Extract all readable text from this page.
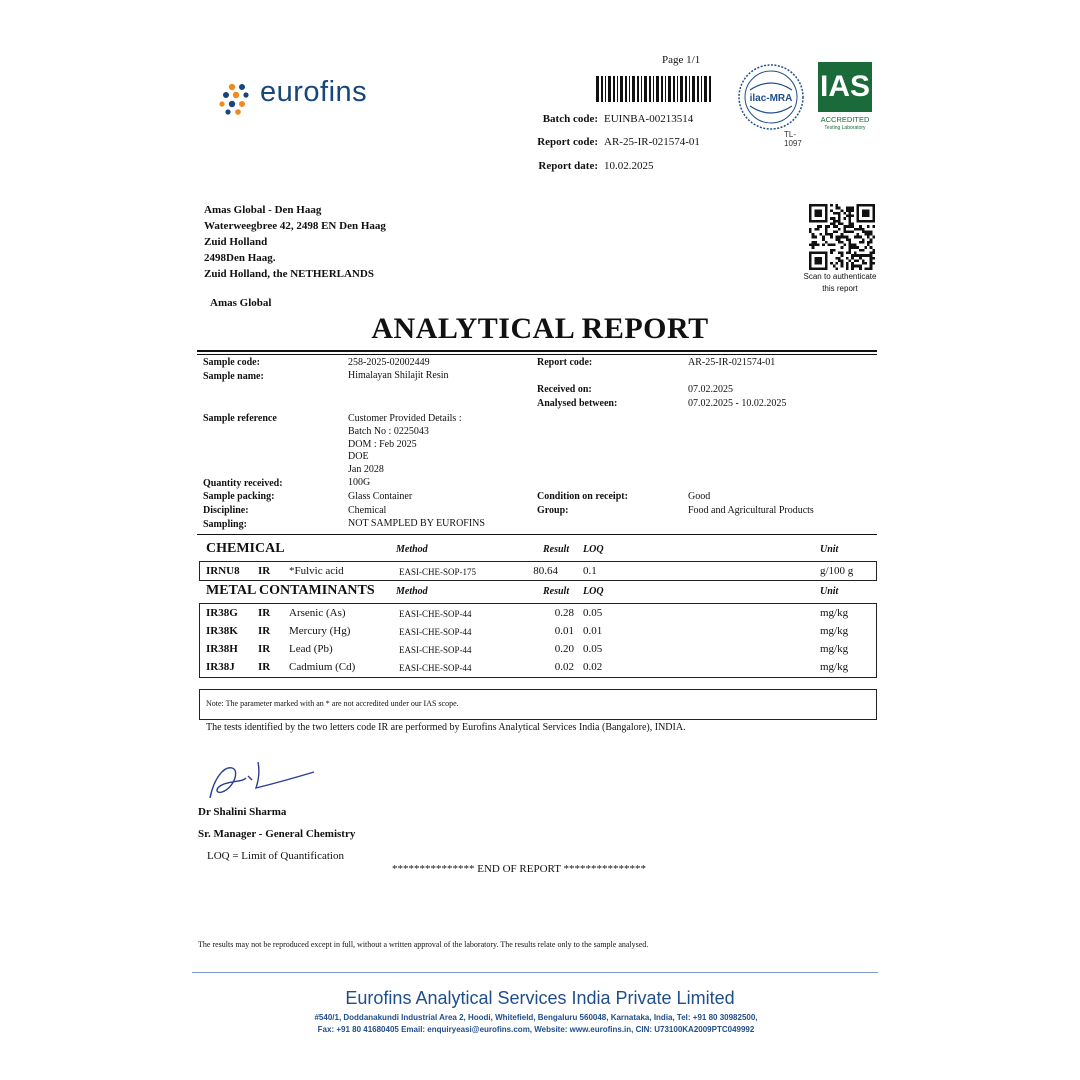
Page 1/1
eurofins
Batch code: EUINBA-00213514
Report code: AR-25-IR-021574-01
Report date: 10.02.2025
ilac-MRA
TL-1097
IAS
ACCREDITED
Testing Laboratory
Amas Global - Den Haag
Waterweegbree 42, 2498 EN Den Haag
Zuid Holland
2498Den Haag.
Zuid Holland, the NETHERLANDS
Amas Global
Scan to authenticate
this report
ANALYTICAL REPORT
Sample code:	258-2025-02002449	Report code:	AR-25-IR-021574-01
Sample name:	Himalayan Shilajit Resin
Received on:	07.02.2025
Analysed between:	07.02.2025 - 10.02.2025
Sample reference	Customer Provided Details :
Batch No : 0225043
DOM : Feb 2025
DOE
Jan 2028
Quantity received:	100G
Sample packing:	Glass Container	Condition on receipt:	Good
Discipline:	Chemical	Group:	Food and Agricultural Products
Sampling:	NOT SAMPLED BY EUROFINS
CHEMICAL	Method	Result LOQ	Unit
IRNU8 IR *Fulvic acid	EASI-CHE-SOP-175	80.64 0.1	g/100 g
METAL CONTAMINANTS Method	Result LOQ	Unit
IR38G IR Arsenic (As)	EASI-CHE-SOP-44	0.28 0.05	mg/kg
IR38K IR Mercury (Hg)	EASI-CHE-SOP-44	0.01 0.01	mg/kg
IR38H IR Lead (Pb)	EASI-CHE-SOP-44	0.20 0.05	mg/kg
IR38J IR Cadmium (Cd)	EASI-CHE-SOP-44	0.02 0.02	mg/kg
Note: The parameter marked with an * are not accredited under our IAS scope.
The tests identified by the two letters code IR are performed by Eurofins Analytical Services India (Bangalore), INDIA.
Dr Shalini Sharma
Sr. Manager - General Chemistry
LOQ = Limit of Quantification
*************** END OF REPORT ***************
The results may not be reproduced except in full, without a written approval of the laboratory. The results relate only to the sample analysed.
Eurofins Analytical Services India Private Limited
#540/1, Doddanakundi Industrial Area 2, Hoodi, Whitefield, Bengaluru 560048, Karnataka, India, Tel: +91 80 30982500,
Fax: +91 80 41680405 Email: enquiryeasi@eurofins.com, Website: www.eurofins.in, CIN: U73100KA2009PTC049992
